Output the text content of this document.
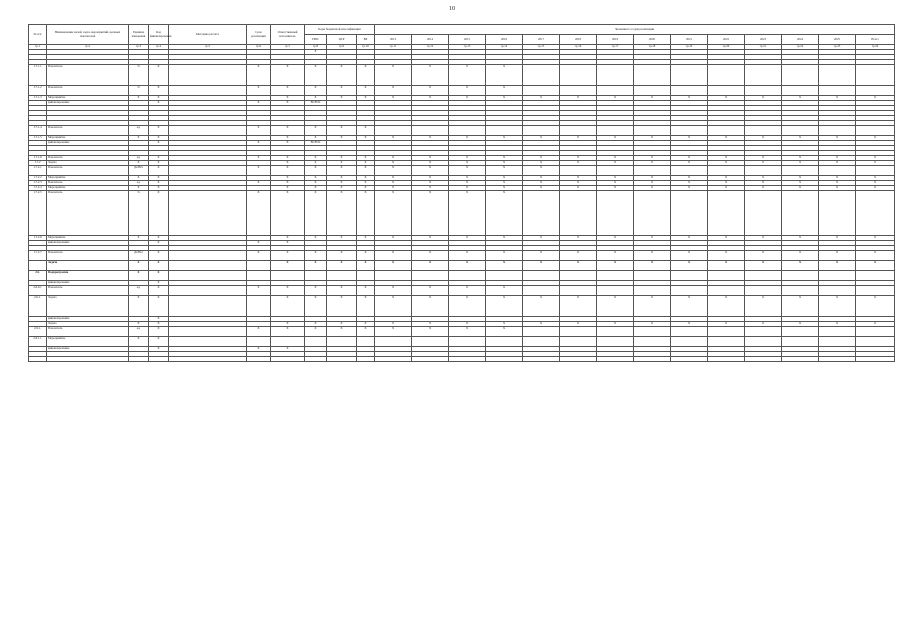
10
№ п/п	Наименование целей, задач, мероприятий, целевых показателей	Единица измерения	Код финансирования	Методика расчета	Срок реализации	Ответственный исполнитель	Коды бюджетной классификации			Значения по годам реализации													
							ГРБС	ЦСР	ВР	2013	2014	2015	2016	2017	2018	2019	2020	2021	2022	2023	2024	2025	Всего
гр.1	гр.2	гр.3	гр.4	гр.5	гр.6	гр.7	гр.8	гр.9	гр.10	гр.11	гр.12	гр.13	гр.14	гр.15	гр.16	гр.17	гр.18	гр.19	гр.20	гр.21	гр.22	гр.23	гр.24
							8																

1.7.1.1	Показатель	%	X		X	X	X	X	X	X	X	X	X										
1.7.1.2	Показатель	%	X		X	X	X	X	X	X	X	X	X										
1.7.1.3	Мероприятие	X	X			X	X	X	X	X	X	X	X	X	X	X	X	X	X	X	X	X	X
	финансирование		X		X	X	ВСЕГО																

1.7.1.4	Показатель	ед.	X		X	X	X	X	X														
1.7.1.5	Мероприятие	X	X			X	X	X	X	X	X	X	X	X	X	X	X	X	X	X	X	X	X
	финансирование		X		X	X	ВСЕГО																

1.7.1.6	Показатель	ед.	X		X	X	X	X	X	X	X	X	X	X	X	X	X	X	X	X	X	X	X
1.7.2	Задача	X	X			X	X	X	X	X	X	X	X	X	X	X	X	X	X	X	X	X	X
1.7.2.1	Показатель	Да/Нет	X		X	X	X	X	X	X	X	X	X	X									
1.7.2.2	Мероприятие	X	X			X	X	X	X	X	X	X	X	X	X	X	X	X	X	X	X	X	X
1.7.2.3	Показатель	ед.	X		X	X	X	X	X	X	X	X	X	X	X	X	X	X	X	X	X	X	X
1.7.2.4	Мероприятие	X	X			X	X	X	X	X	X	X	X	X	X	X	X	X	X	X	X	X	X
1.7.2.5	Показатель	%	X		X	X	X	X	X	X	X	X	X										
1.7.2.6	Мероприятие	X	X			X	X	X	X	X	X	X	X	X	X	X	X	X	X	X	X	X	X
	финансирование		X		X	X																	

1.7.2.7	Показатель	Да/Нет	X		X	X	X	X	X	X	X	X	X	X	X	X	X	X	X	X	X	X	X
	Задача	X	X			X	X	X	X	X	X	X	X	X	X	X	X	X	X	X	X	X	X
2.6.	Подпрограмма	X	X																				
	финансирование		X																				
2.6.0.1	Показатель	ед.	X		X	X	X	X	X	X	X	X	X										
2.6.1.	Задача	X	X			X	X	X	X	X	X	X	X	X	X	X	X	X	X	X	X	X	X
	финансирование		X																				
	Задача	X	X			X	X	X	X	X	X	X	X	X	X	X	X	X	X	X	X	X	X
2.6.1.	Показатель	ед.	X		X	X	X	X	X	X	X	X	X										
2.6.1.1	Мероприятие	X	X																				
	финансирование		X		X	X																	
